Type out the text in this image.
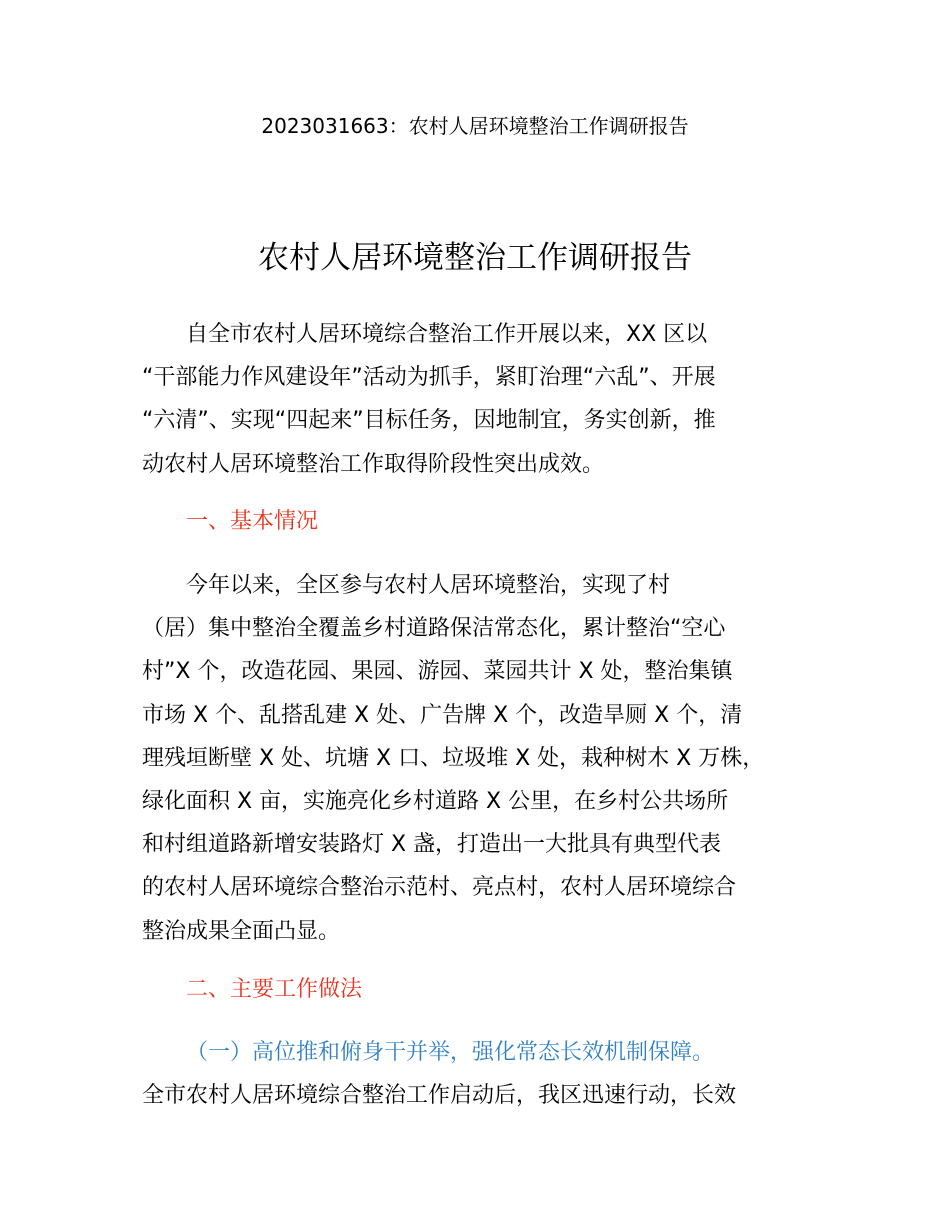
2023031663：农村人居环境整治工作调研报告
农村人居环境整治工作调研报告
自全市农村人居环境综合整治工作开展以来，XX 区以
“干部能力作风建设年”活动为抓手，紧盯治理“六乱”、开展
“六清”、实现“四起来”目标任务，因地制宜，务实创新，推
动农村人居环境整治工作取得阶段性突出成效。
一、基本情况
今年以来，全区参与农村人居环境整治，实现了村
（居）集中整治全覆盖乡村道路保洁常态化，累计整治“空心
村”X 个，改造花园、果园、游园、菜园共计 X 处，整治集镇
市场 X 个、乱搭乱建 X 处、广告牌 X 个，改造旱厕 X 个，清
理残垣断壁 X 处、坑塘 X 口、垃圾堆 X 处，栽种树木 X 万株，
绿化面积 X 亩，实施亮化乡村道路 X 公里，在乡村公共场所
和村组道路新增安装路灯 X 盏，打造出一大批具有典型代表
的农村人居环境综合整治示范村、亮点村，农村人居环境综合
整治成果全面凸显。
二、主要工作做法
（一）高位推和俯身干并举，强化常态长效机制保障。
全市农村人居环境综合整治工作启动后，我区迅速行动，长效
